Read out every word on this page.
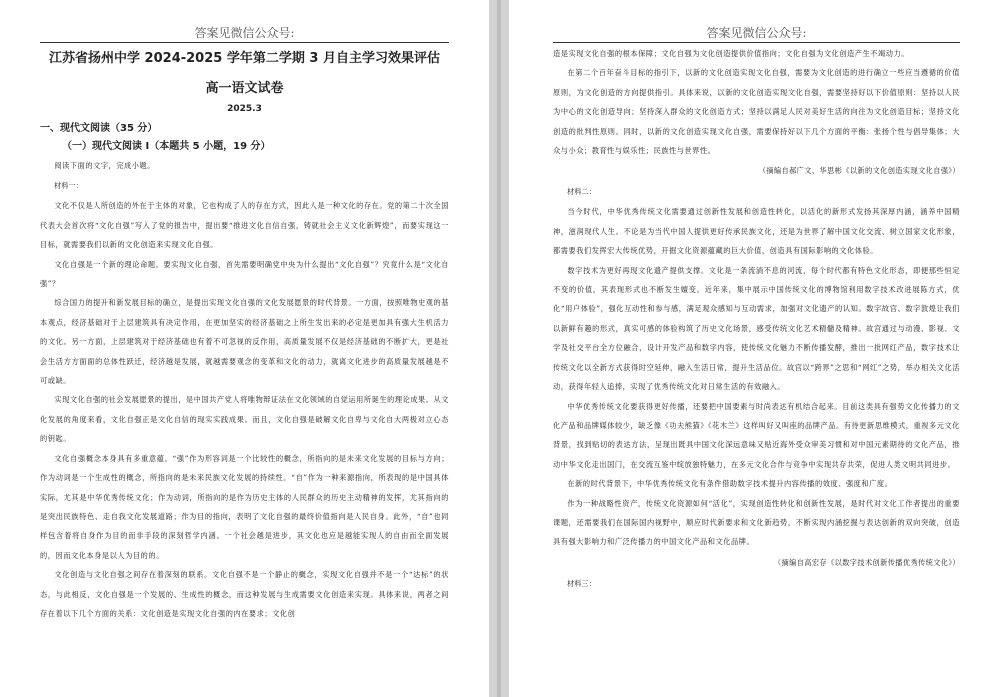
答案见微信公众号:
江苏省扬州中学 2024-2025 学年第二学期 3 月自主学习效果评估
高一语文试卷
2025.3
一、现代文阅读（35 分）
（一）现代文阅读 I（本题共 5 小题，19 分）

阅读下面的文字，完成小题。

材料一：

文化不仅是人所创造的外在于主体的对象，它也构成了人的存在方式，因此人是一种文化的存在。党的第二十次全国代表大会首次将“文化自强”写入了党的报告中，提出要“推进文化自信自强，铸就社会主义文化新辉煌”，而要实现这一目标，就需要我们以新的文化创造来实现文化自强。

文化自强是一个新的理论命题。要实现文化自强，首先需要明确党中央为什么提出“文化自强”？究竟什么是“文化自强”？

综合国力的提升和新发展目标的确立，是提出实现文化自强的文化发展愿景的时代背景。一方面，按照唯物史观的基本观点，经济基础对于上层建筑具有决定作用，在更加坚实的经济基础之上所生发出来的必定是更加具有强大生机活力的文化。另一方面，上层建筑对于经济基础也有着不可忽视的反作用，高质量发展不仅是经济基础的不断扩大，更是社会生活方方面面的总体性跃迁，经济越是发展，就越需要观念的变革和文化的动力，就离文化进步的高质量发展越是不可或缺。

实现文化自强的社会发展愿景的提出，是中国共产党人将唯物辩证法在文化领域的自觉运用所诞生的理论成果。从文化发展的角度来看，文化自强正是文化自信的现实实践成果。而且，文化自强是破解文化自卑与文化自大两极对立心态的钥匙。

文化自强概念本身具有多重意蕴。“强”作为形容词是一个比较性的概念，所指向的是未来文化发展的目标与方向；作为动词是一个生成性的概念，所指向的是未来民族文化发展的持续性。“自”作为一种来源指向，所表现的是中国具体实际，尤其是中华优秀传统文化；作为动词，所指向的是作为历史主体的人民群众的历史主动精神的发挥，尤其指向的是突出民族特色、走自我文化发展道路；作为目的指向，表明了文化自强的最终价值指向是人民自身。此外，“自”也同样包含着将自身作为目的而非手段的深刻哲学内涵。一个社会越是进步，其文化也应是越能实现人的自由而全面发展的，因而文化本身是以人为目的的。

文化创造与文化自强之间存在着深刻的联系。文化自强不是一个静止的概念，实现文化自强并不是一个“达标”的状态，与此相反，文化自强是一个发展的、生成性的概念，而这种发展与生成需要文化创造来实现。具体来说，两者之间存在着以下几个方面的关系：文化创造是实现文化自强的内在要求；文化创

答案见微信公众号:

造是实现文化自强的根本保障；文化自强为文化创造提供价值指向；文化自强为文化创造产生不竭动力。

在第二个百年奋斗目标的指引下，以新的文化创造实现文化自强，需要为文化创造的进行确立一些应当遵循的价值原则，为文化创造的方向提供指引。具体来说，以新的文化创造实现文化自强，需要坚持好以下价值原则：坚持以人民为中心的文化创造导向；坚持深入群众的文化创造方式；坚持以满足人民对美好生活的向往为文化创造目标；坚持文化创造的批判性原则。同时，以新的文化创造实现文化自强，需要保持好以下几个方面的平衡：张扬个性与倡导集体；大众与小众；教育性与娱乐性；民族性与世界性。

（摘编自郝广文、华思彬《以新的文化创造实现文化自强》）

材料二：

当今时代，中华优秀传统文化需要通过创新性发展和创造性转化，以活化的新形式发扬其深厚内涵，涵养中国精神，滋润现代人生。不论是为当代中国人提供更好传承民族文化，还是为世界了解中国文化交流、树立国家文化形象，都需要我们发挥宏大传统优势，开掘文化资源蕴藏的巨大价值，创造具有国际影响的文化体验。

数字技术为更好再现文化遗产提供支撑。文化是一条流淌不息的河流，每个时代都有特色文化形态，即便那些恒定不变的价值，其表现形式也不断发生嬗变。近年来，集中展示中国传统文化的博物馆利用数字技术改进展陈方式，优化“用户体验”，强化互动性和参与感，满足观众感知与互动需求，加强对文化遗产的认知。数字故宫、数字敦煌让我们以新鲜有趣的形式，真实可感的体验构筑了历史文化场景，感受传统文化艺术精髓及精神。故宫通过与动漫、影视、文学及社交平台全方位融合，设计开发产品和数字内容，使传统文化魅力不断传播发酵，推出一批网红产品，数字技术让传统文化以全新方式获得时空延伸，融入生活日常，提升生活品位。故宫以“跨界”之思和“网红”之势，举办相关文化活动，获得年轻人追捧，实现了优秀传统文化对日常生活的有效融入。

中华优秀传统文化要获得更好传播，还要把中国要素与时尚表达有机结合起来。目前这类具有强势文化传播力的文化产品和品牌媒体较少，缺乏像《功夫熊猫》《花木兰》这样叫好又叫座的品牌产品。有待更新思维模式，重视多元文化背景，找到贴切的表达方法，呈现出既具中国文化深远意味又贴近海外受众审美习惯和对中国元素期待的文化产品，推动中华文化走出国门，在交流互鉴中绽放独特魅力，在多元文化合作与竞争中实现共存共荣，促进人类文明共同进步。

在新的时代背景下，中华优秀传统文化有条件借助数字技术提升内容传播的效度、强度和广度。

作为一种战略性资产，传统文化资源如何“活化”，实现创造性转化和创新性发展，是时代对文化工作者提出的重要课题，还需要我们在国际国内视野中，顺应时代新要求和文化新趋势，不断实现内涵挖掘与表达创新的双向突破，创造具有强大影响力和广泛传播力的中国文化产品和文化品牌。

（摘编自高宏存《以数字技术创新传播优秀传统文化》）

材料三：
